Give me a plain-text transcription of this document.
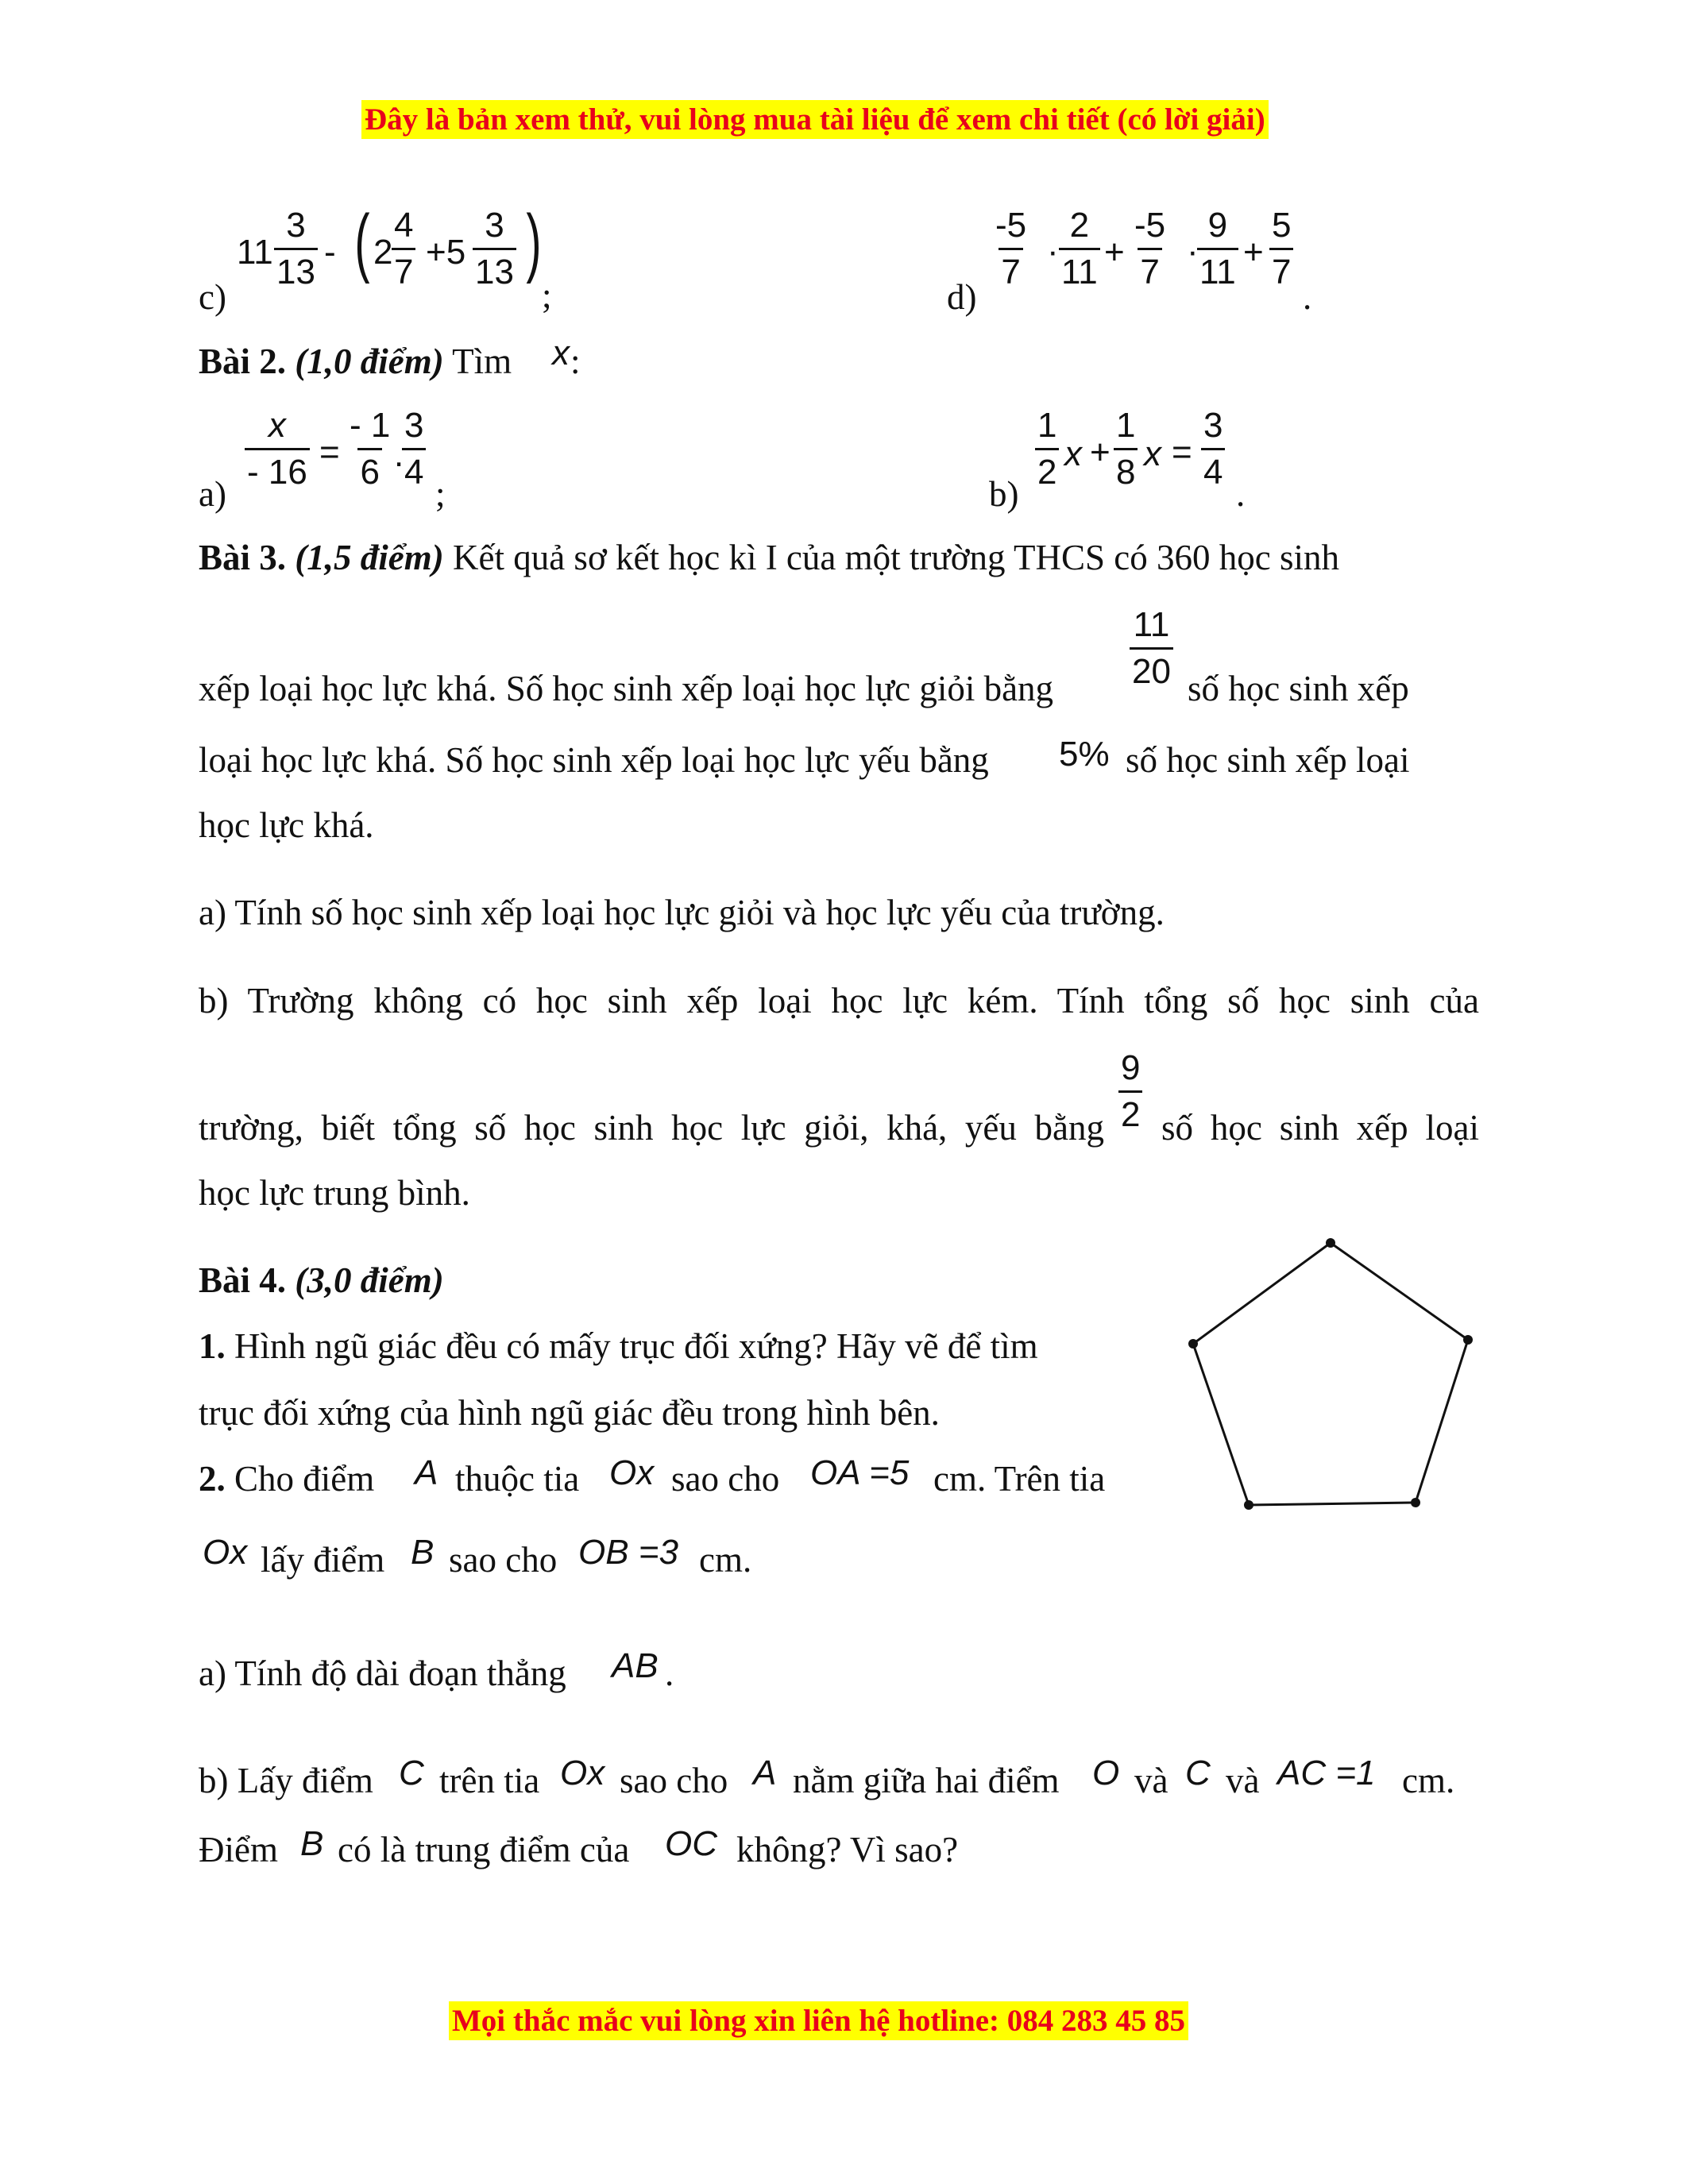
Đây là bản xem thử, vui lòng mua tài liệu để xem chi tiết (có lời giải)
c)
$11 \frac{3}{13}$ - ( 2
$\frac{4}{7} +5 \frac{3}{13}$ )
;	d)
$\frac{-5}{7} \cdot \frac{2}{11} + \frac{-5}{7}$ ·
$\frac{9}{11} + \frac{5}{7}$
.
Bài 2. (1,0 điểm) Tìm x :
a)
$\frac{x}{- 16} = \frac{- 1}{6}$ .
$\frac{3}{4}$
;	b)
$\frac{1}{2}$ $x + \frac{1}{8}$ $x = \frac{3}{4}$
.
Bài 3. (1,5 điểm) Kết quả sơ kết học kì I của một trường THCS có 360 học sinh
xếp loại học lực khá. Số học sinh xếp loại học lực giỏi bằng $\frac{11}{20}$ số học sinh xếp
loại học lực khá. Số học sinh xếp loại học lực yếu bằng 5% số học sinh xếp loại
học lực khá.
a) Tính số học sinh xếp loại học lực giỏi và học lực yếu của trường.
b) Trường không có học sinh xếp loại học lực kém. Tính tổng số học sinh của
trường, biết tổng số học sinh học lực giỏi, khá, yếu bằng $\frac{9}{2}$ số học sinh xếp loại
học lực trung bình.
Bài 4. (3,0 điểm)
1. Hình ngũ giác đều có mấy trục đối xứng? Hãy vẽ để tìm
trục đối xứng của hình ngũ giác đều trong hình bên.
2. Cho điểm A thuộc tia Ox sao cho OA =5 cm. Trên tia
Ox lấy điểm B sao cho OB =3 cm.
a) Tính độ dài đoạn thẳng AB .
b) Lấy điểm C trên tia Ox sao cho A nằm giữa hai điểm O và C và AC =1 cm.
Điểm B có là trung điểm của OC không? Vì sao?
Mọi thắc mắc vui lòng xin liên hệ hotline: 084 283 45 85
